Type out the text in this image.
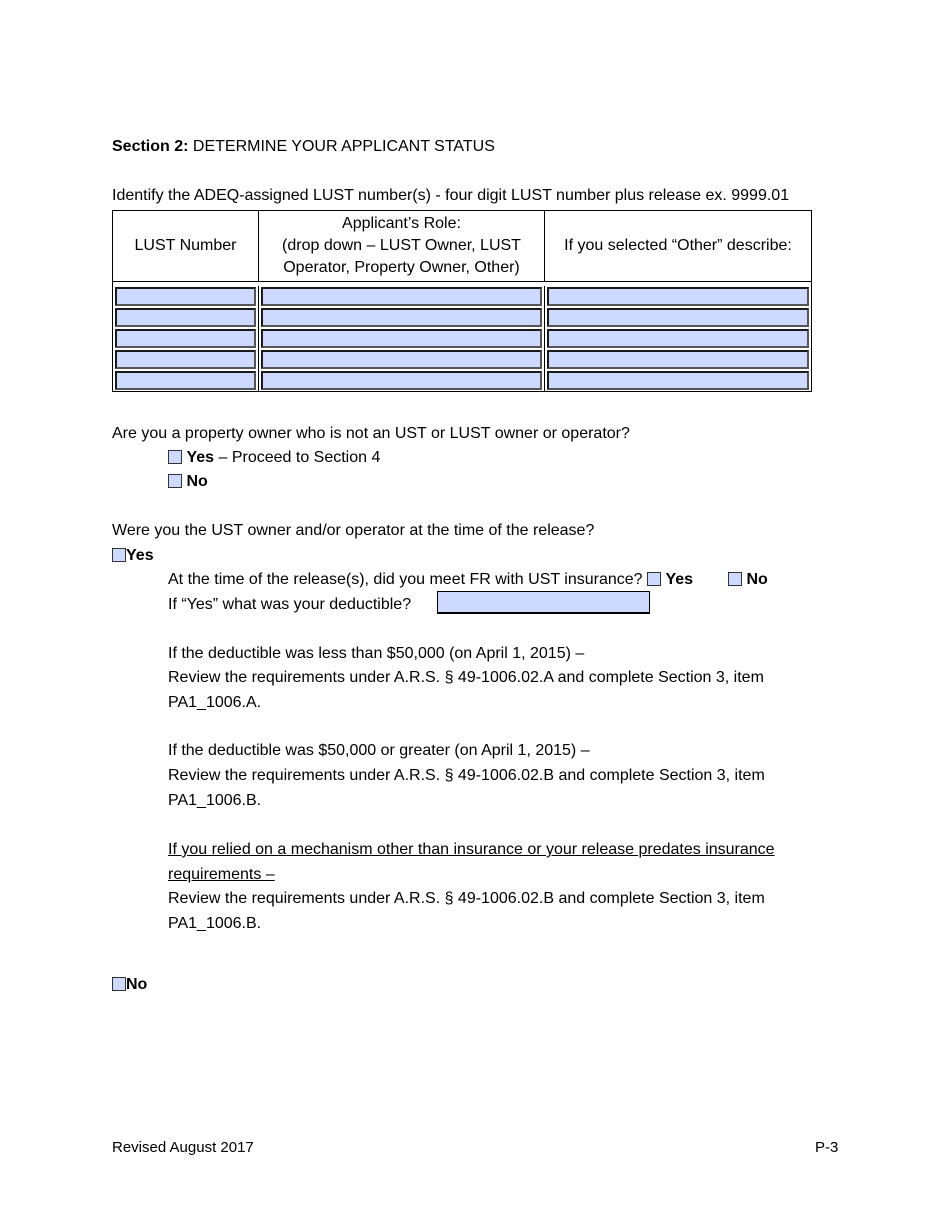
Section 2: DETERMINE YOUR APPLICANT STATUS
Identify the ADEQ-assigned LUST number(s) - four digit LUST number plus release ex. 9999.01
LUST Number	Applicant’s Role:
(drop down – LUST Owner, LUST
Operator, Property Owner, Other)	If you selected “Other” describe:

Are you a property owner who is not an UST or LUST owner or operator?
Yes – Proceed to Section 4
No
Were you the UST owner and/or operator at the time of the release?
Yes
At the time of the release(s), did you meet FR with UST insurance? Yes	No
If “Yes” what was your deductible?
If the deductible was less than $50,000 (on April 1, 2015) –
Review the requirements under A.R.S. § 49-1006.02.A and complete Section 3, item
PA1_1006.A.
If the deductible was $50,000 or greater (on April 1, 2015) –
Review the requirements under A.R.S. § 49-1006.02.B and complete Section 3, item
PA1_1006.B.
If you relied on a mechanism other than insurance or your release predates insurance
requirements –
Review the requirements under A.R.S. § 49-1006.02.B and complete Section 3, item
PA1_1006.B.
No
Revised August 2017	P-3
